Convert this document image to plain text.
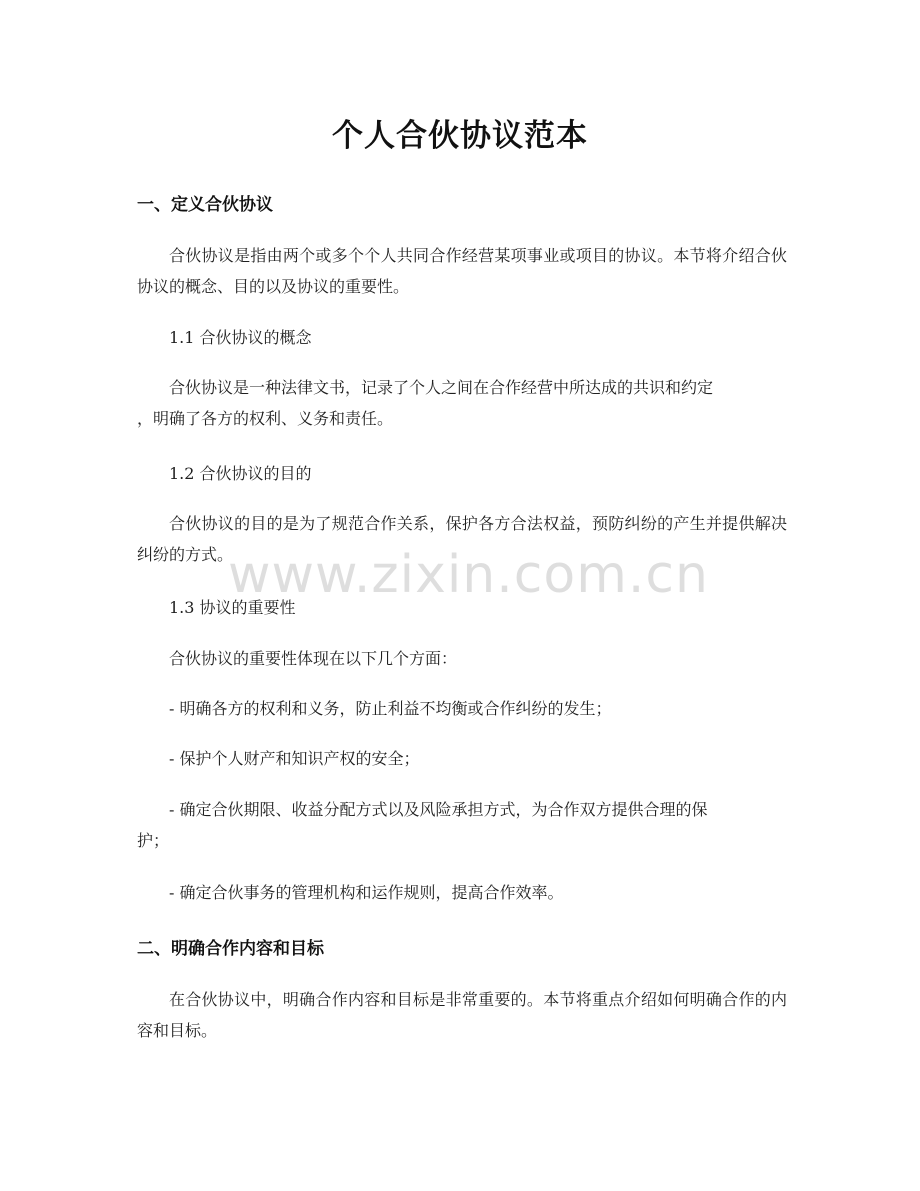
个人合伙协议范本
一、定义合伙协议
合伙协议是指由两个或多个个人共同合作经营某项事业或项目的协议。本节将介绍合伙协议的概念、目的以及协议的重要性。
1.1 合伙协议的概念
合伙协议是一种法律文书，记录了个人之间在合作经营中所达成的共识和约定
，明确了各方的权利、义务和责任。
1.2 合伙协议的目的
合伙协议的目的是为了规范合作关系，保护各方合法权益，预防纠纷的产生并提供解决纠纷的方式。
1.3 协议的重要性
合伙协议的重要性体现在以下几个方面：
- 明确各方的权利和义务，防止利益不均衡或合作纠纷的发生；
- 保护个人财产和知识产权的安全；
- 确定合伙期限、收益分配方式以及风险承担方式，为合作双方提供合理的保
护；
- 确定合伙事务的管理机构和运作规则，提高合作效率。
二、明确合作内容和目标
在合伙协议中，明确合作内容和目标是非常重要的。本节将重点介绍如何明确合作的内容和目标。
www.zixin.com.cn
